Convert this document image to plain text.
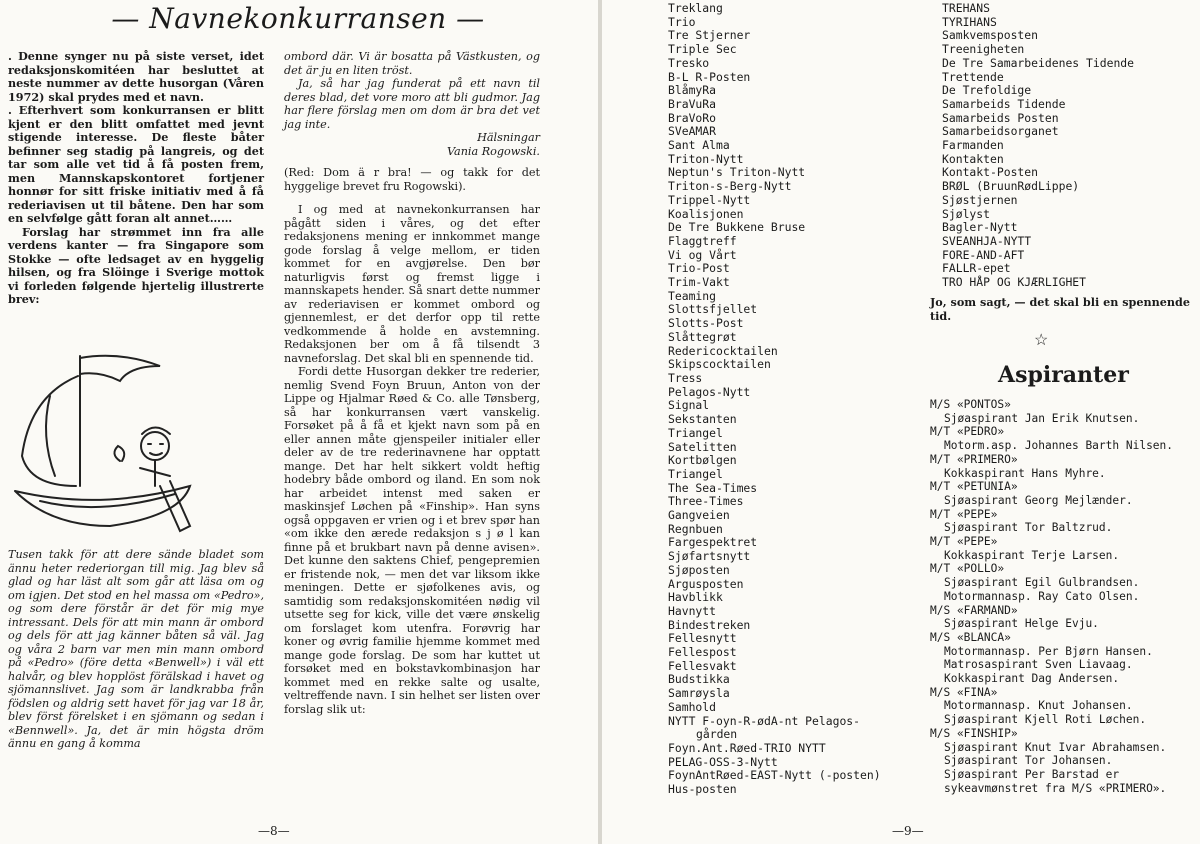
— Navnekonkurransen —

. Denne synger nu på siste verset, idet redaksjonskomitéen har besluttet at neste nummer av dette husorgan (Våren 1972) skal prydes med et navn.

. Efterhvert som konkurransen er blitt kjent er den blitt omfattet med jevnt stigende interesse. De fleste båter befinner seg stadig på langreis, og det tar som alle vet tid å få posten frem, men Mannskapskontoret fortjener honnør for sitt friske initiativ med å få rederiavisen ut til båtene. Den har som en selvfølge gått foran alt annet……

Forslag har strømmet inn fra alle verdens kanter — fra Singapore som Stokke — ofte ledsaget av en hyggelig hilsen, og fra Slöinge i Sverige mottok vi forleden følgende hjertelig illustrerte brev:

Tusen takk för att dere sände bladet som ännu heter rederiorgan till mig. Jag blev så glad og har läst alt som går att läsa om og om igjen. Det stod en hel massa om «Pedro», og som dere förstår är det för mig mye intressant. Dels för att min mann är ombord og dels för att jag känner båten så väl. Jag og våra 2 barn var men min mann ombord på «Pedro» (före detta «Benwell») i väl ett halvår, og blev hopplöst förälskad i havet og sjömannslivet. Jag som är landkrabba från födslen og aldrig sett havet för jag var 18 år, blev först förelsket i en sjömann og sedan i «Bennwell». Ja, det är min högsta dröm ännu en gang å komma

ombord där. Vi är bosatta på Västkusten, og det är ju en liten tröst.

Ja, så har jag funderat på ett navn til deres blad, det vore moro att bli gudmor. Jag har flere förslag men om dom är bra det vet jag inte.

Hälsningar

Vania Rogowski.

(Red: Dom ä r bra! — og takk for det hyggelige brevet fru Rogowski).

I og med at navnekonkurransen har pågått siden i våres, og det efter redaksjonens mening er innkommet mange gode forslag å velge mellom, er tiden kommet for en avgjørelse. Den bør naturligvis først og fremst ligge i mannskapets hender. Så snart dette nummer av rederiavisen er kommet ombord og gjennemlest, er det derfor opp til rette vedkommende å holde en avstemning. Redaksjonen ber om å få tilsendt 3 navneforslag. Det skal bli en spennende tid.

Fordi dette Husorgan dekker tre rederier, nemlig Svend Foyn Bruun, Anton von der Lippe og Hjalmar Røed & Co. alle Tønsberg, så har konkurransen vært vanskelig. Forsøket på å få et kjekt navn som på en eller annen måte gjenspeiler initialer eller deler av de tre rederinavnene har opptatt mange. Det har helt sikkert voldt heftig hodebry både ombord og iland. En som nok har arbeidet intenst med saken er maskinsjef Løchen på «Finship». Han syns også oppgaven er vrien og i et brev spør han «om ikke den ærede redaksjon s j ø l kan finne på et brukbart navn på denne avisen». Det kunne den saktens Chief, pengepremien er fristende nok, — men det var liksom ikke meningen. Dette er sjøfolkenes avis, og samtidig som redaksjonskomitéen nødig vil utsette seg for kick, ville det være ønskelig om forslaget kom utenfra. Forøvrig har koner og øvrig familie hjemme kommet med mange gode forslag. De som har kuttet ut forsøket med en bokstavkombinasjon har kommet med en rekke salte og usalte, veltreffende navn. I sin helhet ser listen over forslag slik ut:

—8—
Treklang
Trio
Tre Stjerner
Triple Sec
Tresko
B-L R-Posten
BlåmyRa
BraVuRa
BraVoRo
SVeAMAR
Sant Alma
Triton-Nytt
Neptun's Triton-Nytt
Triton-s-Berg-Nytt
Trippel-Nytt
Koalisjonen
De Tre Bukkene Bruse
Flaggtreff
Vi og Vårt
Trio-Post
Trim-Vakt
Teaming
Slottsfjellet
Slotts-Post
Slåttegrøt
Redericocktailen
Skipscocktailen
Tress
Pelagos-Nytt
Signal
Sekstanten
Triangel
Satelitten
Kortbølgen
Triangel
The Sea-Times
Three-Times
Gangveien
Regnbuen
Fargespektret
Sjøfartsnytt
Sjøposten
Argusposten
Havblikk
Havnytt
Bindestreken
Fellesnytt
Fellespost
Fellesvakt
Budstikka
Samrøysla
Samhold
NYTT F-oyn-R-ødA-nt Pelagos-
gården
Foyn.Ant.Røed-TRIO NYTT
PELAG-OSS-3-Nytt
FoynAntRøed-EAST-Nytt (-posten)
Hus-posten
TREHANS
TYRIHANS
Samkvemsposten
Treenigheten
De Tre Samarbeidenes Tidende
Trettende
De Trefoldige
Samarbeids Tidende
Samarbeids Posten
Samarbeidsorganet
Farmanden
Kontakten
Kontakt-Posten
BRØL (BruunRødLippe)
Sjøstjernen
Sjølyst
Bagler-Nytt
SVEANHJA-NYTT
FORE-AND-AFT
FALLR-epet
TRO HÅP OG KJÆRLIGHET
Jo, som sagt, — det skal bli en spennende tid.
☆
Aspiranter
M/S «PONTOS»
Sjøaspirant Jan Erik Knutsen.
M/T «PEDRO»
Motorm.asp. Johannes Barth Nilsen.
M/T «PRIMERO»
Kokkaspirant Hans Myhre.
M/T «PETUNIA»
Sjøaspirant Georg Mejlænder.
M/T «PEPE»
Sjøaspirant Tor Baltzrud.
M/T «PEPE»
Kokkaspirant Terje Larsen.
M/T «POLLO»
Sjøaspirant Egil Gulbrandsen.
Motormannasp. Ray Cato Olsen.
M/S «FARMAND»
Sjøaspirant Helge Evju.
M/S «BLANCA»
Motormannasp. Per Bjørn Hansen.
Matrosaspirant Sven Liavaag.
Kokkaspirant Dag Andersen.
M/S «FINA»
Motormannasp. Knut Johansen.
Sjøaspirant Kjell Roti Løchen.
M/S «FINSHIP»
Sjøaspirant Knut Ivar Abrahamsen.
Sjøaspirant Tor Johansen.
Sjøaspirant Per Barstad er sykeavmønstret fra M/S «PRIMERO».
—9—
